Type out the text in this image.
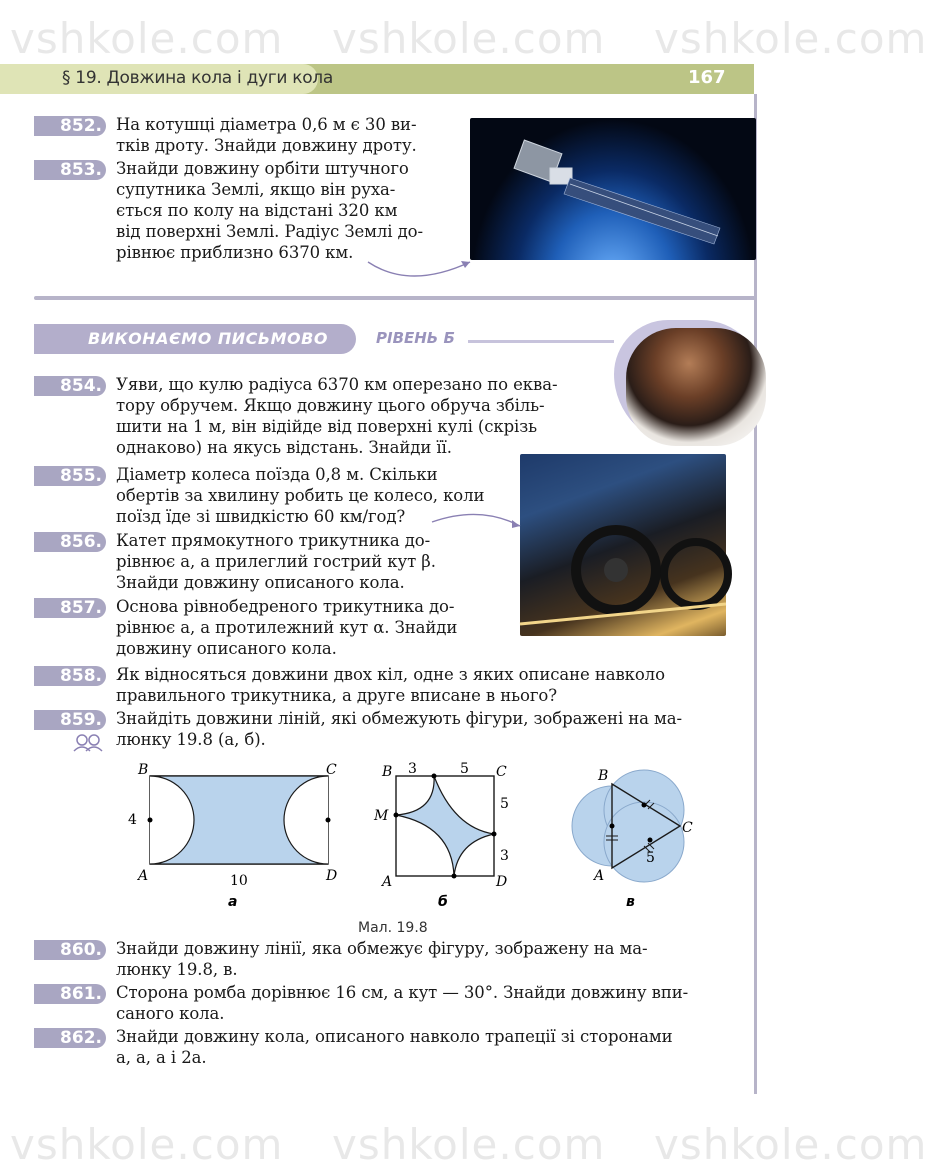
§ 19. Довжина кола і дуги кола	167
vshkole.com vshkole.com vshkole.com
vshkole.com vshkole.com vshkole.com
ВИКОНАЄМО ПИСЬМОВО	РІВЕНЬ Б
852. На котушці діаметра 0,6 м є 30 ви-
тків дроту. Знайди довжину дроту.
853. Знайди довжину орбіти штучного
супутника Землі, якщо він руха-
ється по колу на відстані 320 км
від поверхні Землі. Радіус Землі до-
рівнює приблизно 6370 км.
854. Уяви, що кулю радіуса 6370 км оперезано по еква-
тору обручем. Якщо довжину цього обруча збіль-
шити на 1 м, він відійде від поверхні кулі (скрізь
однаково) на якусь відстань. Знайди її.
855. Діаметр колеса поїзда 0,8 м. Скільки
обертів за хвилину робить це колесо, коли
поїзд їде зі швидкістю 60 км/год?
856. Катет прямокутного трикутника до-
рівнює a, а прилеглий гострий кут β.
Знайди довжину описаного кола.
857. Основа рівнобедреного трикутника до-
рівнює a, а протилежний кут α. Знайди
довжину описаного кола.
858. Як відносяться довжини двох кіл, одне з яких описане навколо
правильного трикутника, а друге вписане в нього?
859. Знайдіть довжини ліній, які обмежують фігури, зображені на ма-
люнку 19.8 (a, б).
B	C
A	D
4
10
а
B	C
A	D
M
3	5
5
3
б
B
C
A
5
в
Мал. 19.8
860. Знайди довжину лінії, яка обмежує фігуру, зображену на ма-
люнку 19.8, в.
861. Сторона ромба дорівнює 16 см, а кут — 30°. Знайди довжину впи-
саного кола.
862. Знайди довжину кола, описаного навколо трапеції зі сторонами
a, a, a і 2a.
